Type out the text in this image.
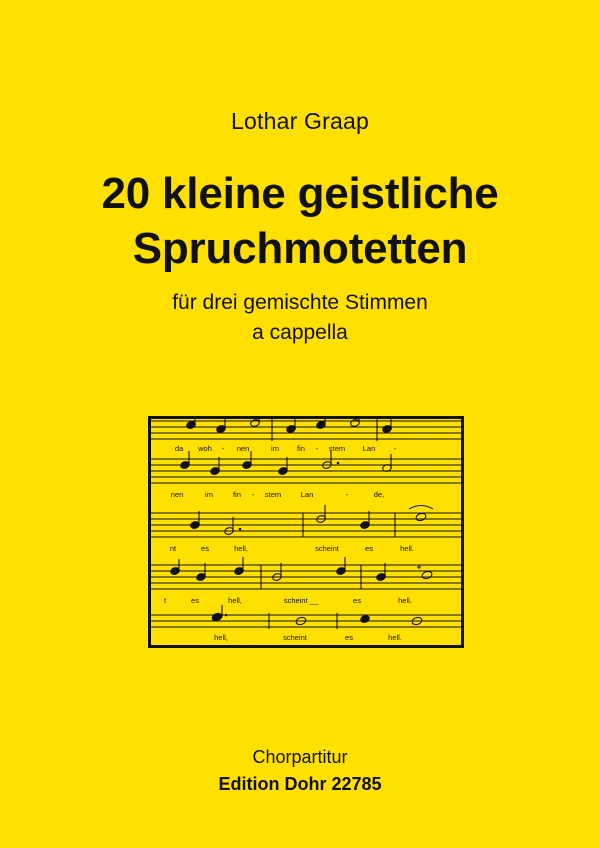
Lothar Graap
20 kleine geistliche
Spruchmotetten
für drei gemischte Stimmen
a cappella
da woh - nen	im fin - stem Lan -
nen	im	fin - stem	Lan	-	de,
nt	es	hell,	scheint	es	hell.
t	es	hell,	scheint __	es	hell.
hell,	scheint	es	hell.
Chorpartitur
Edition Dohr 22785
